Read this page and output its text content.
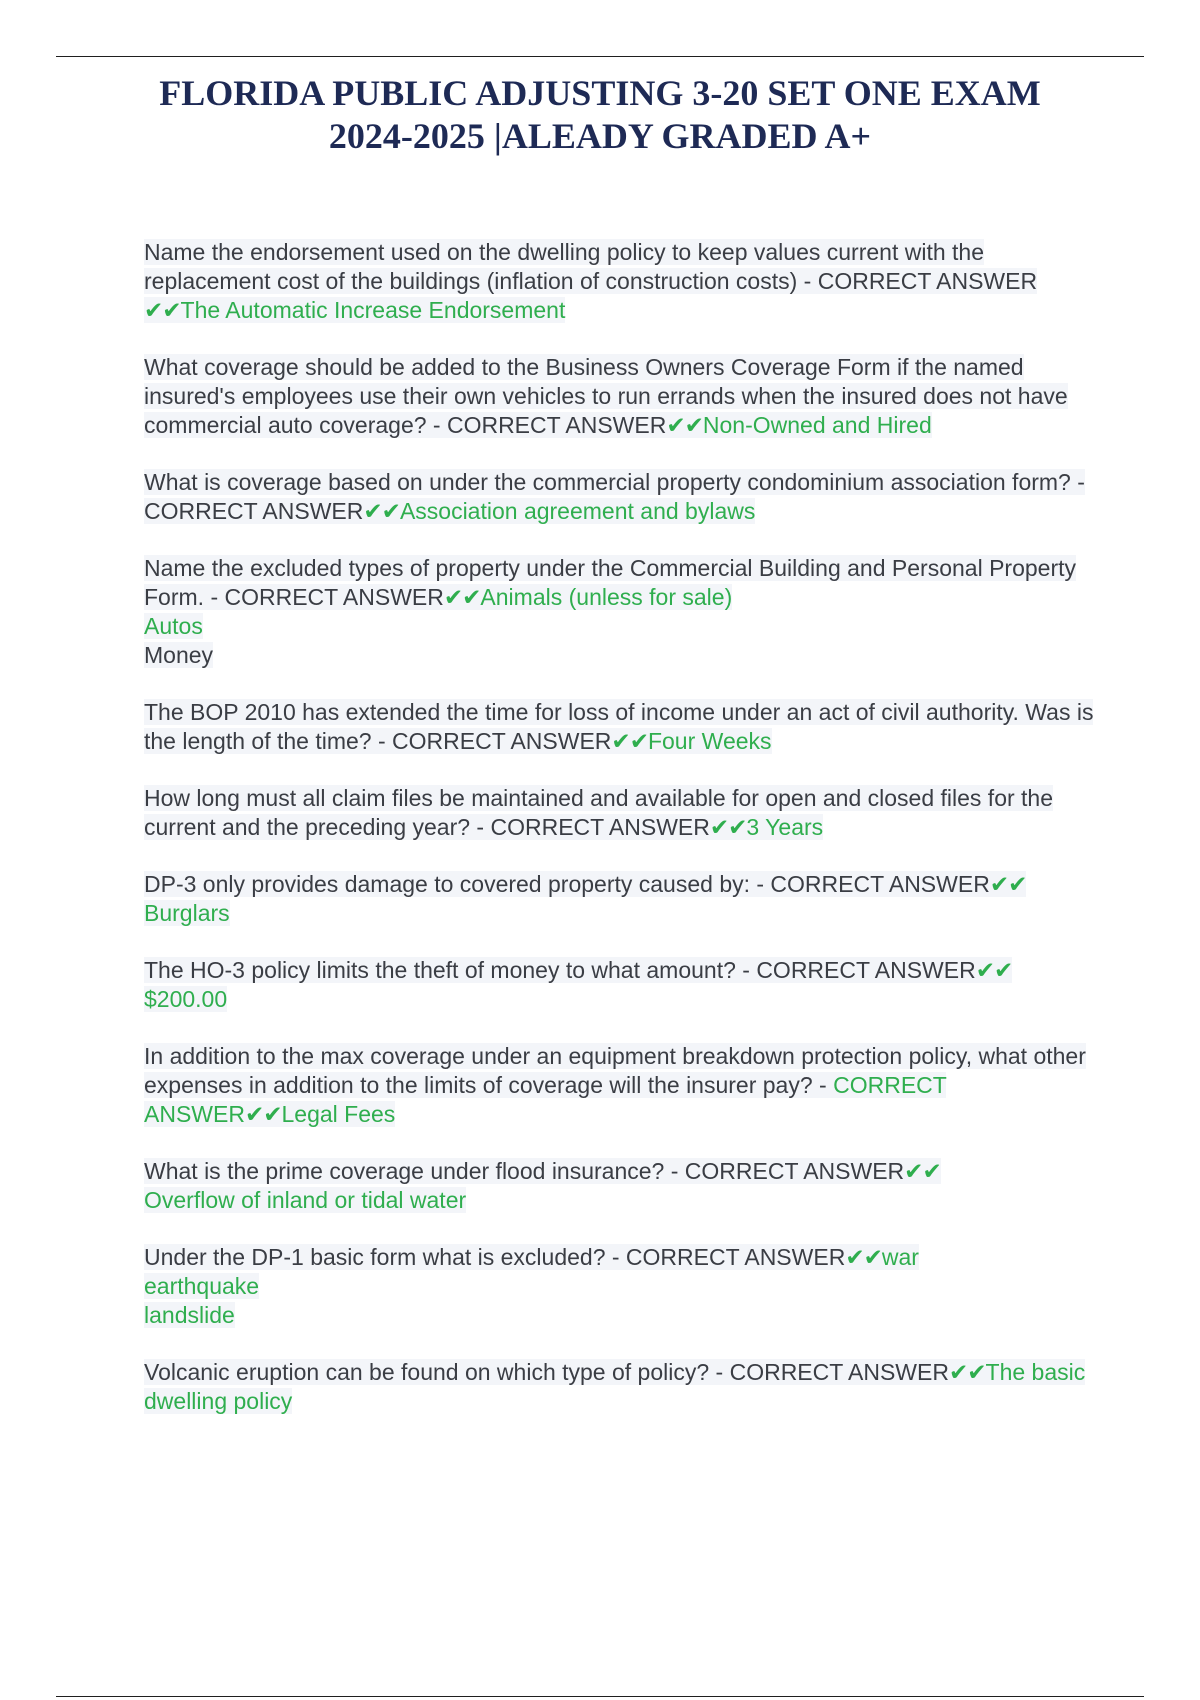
FLORIDA PUBLIC ADJUSTING 3-20 SET ONE EXAM
2024-2025 |ALEADY GRADED A+

Name the endorsement used on the dwelling policy to keep values current with the replacement cost of the buildings (inflation of construction costs) - CORRECT ANSWER ✔✔The Automatic Increase Endorsement

What coverage should be added to the Business Owners Coverage Form if the named insured's employees use their own vehicles to run errands when the insured does not have commercial auto coverage? - CORRECT ANSWER✔✔Non-Owned and Hired

What is coverage based on under the commercial property condominium association form? - CORRECT ANSWER✔✔Association agreement and bylaws

Name the excluded types of property under the Commercial Building and Personal Property Form. - CORRECT ANSWER✔✔Animals (unless for sale)
Autos
Money

The BOP 2010 has extended the time for loss of income under an act of civil authority. Was is the length of the time? - CORRECT ANSWER✔✔Four Weeks

How long must all claim files be maintained and available for open and closed files for the current and the preceding year? - CORRECT ANSWER✔✔3 Years

DP-3 only provides damage to covered property caused by: - CORRECT ANSWER✔✔
Burglars

The HO-3 policy limits the theft of money to what amount? - CORRECT ANSWER✔✔
$200.00

In addition to the max coverage under an equipment breakdown protection policy, what other expenses in addition to the limits of coverage will the insurer pay? - CORRECT ANSWER✔✔Legal Fees

What is the prime coverage under flood insurance? - CORRECT ANSWER✔✔
Overflow of inland or tidal water

Under the DP-1 basic form what is excluded? - CORRECT ANSWER✔✔war
earthquake
landslide

Volcanic eruption can be found on which type of policy? - CORRECT ANSWER✔✔The basic dwelling policy
